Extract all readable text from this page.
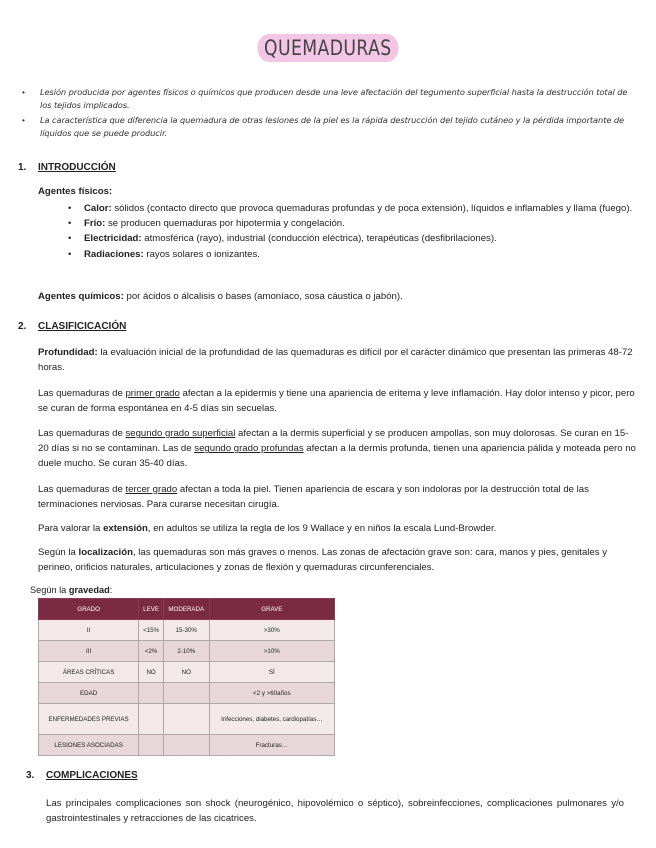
QUEMADURAS
• Lesión producida por agentes físicos o químicos que producen desde una leve afectación del tegumento superficial hasta la destrucción total de los tejidos implicados.
• La característica que diferencia la quemadura de otras lesiones de la piel es la rápida destrucción del tejido cutáneo y la pérdida importante de líquidos que se puede producir.
1. INTRODUCCIÓN
Agentes físicos:
• Calor: sólidos (contacto directo que provoca quemaduras profundas y de poca extensión), líquidos e inflamables y llama (fuego).
• Frío: se producen quemaduras por hipotermia y congelación.
• Electricidad: atmosférica (rayo), industrial (conducción eléctrica), terapéuticas (desfibrilaciones).
• Radiaciones: rayos solares o ionizantes.

Agentes químicos: por ácidos o álcalisis o bases (amoníaco, sosa cáustica o jabón).

2. CLASIFICICACIÓN

Profundidad: la evaluación inicial de la profundidad de las quemaduras es difícil por el carácter dinámico que presentan las primeras 48-72 horas.

Las quemaduras de primer grado afectan a la epidermis y tiene una apariencia de eritema y leve inflamación. Hay dolor intenso y picor, pero se curan de forma espontánea en 4-5 días sin secuelas.

Las quemaduras de segundo grado superficial afectan a la dermis superficial y se producen ampollas, son muy dolorosas. Se curan en 15-20 días si no se contaminan. Las de segundo grado profundas afectan a la dermis profunda, tienen una apariencia pálida y moteada pero no duele mucho. Se curan 35-40 días.

Las quemaduras de tercer grado afectan a toda la piel. Tienen apariencia de escara y son indoloras por la destrucción total de las terminaciones nerviosas. Para curarse necesitan cirugía.

Para valorar la extensión, en adultos se utiliza la regla de los 9 Wallace y en niños la escala Lund-Browder.

Según la localización, las quemaduras son más graves o menos. Las zonas de afectación grave son: cara, manos y pies, genitales y perineo, orificios naturales, articulaciones y zonas de flexión y quemaduras circunferenciales.

Según la gravedad:

GRADO	LEVE	MODERADA	GRAVE
II	<15%	15-30%	>30%
III	<2%	2-10%	>10%
ÁREAS CRÍTICAS	NO	NO	SÍ
EDAD			<2 y >60años
ENFERMEDADES PREVIAS			Infecciones, diabetes, cardiopatías…
LESIONES ASOCIADAS			Fracturas…
3. COMPLICACIONES

Las principales complicaciones son shock (neurogénico, hipovolémico o séptico), sobreinfecciones, complicaciones pulmonares y/o gastrointestinales y retracciones de las cicatrices.
